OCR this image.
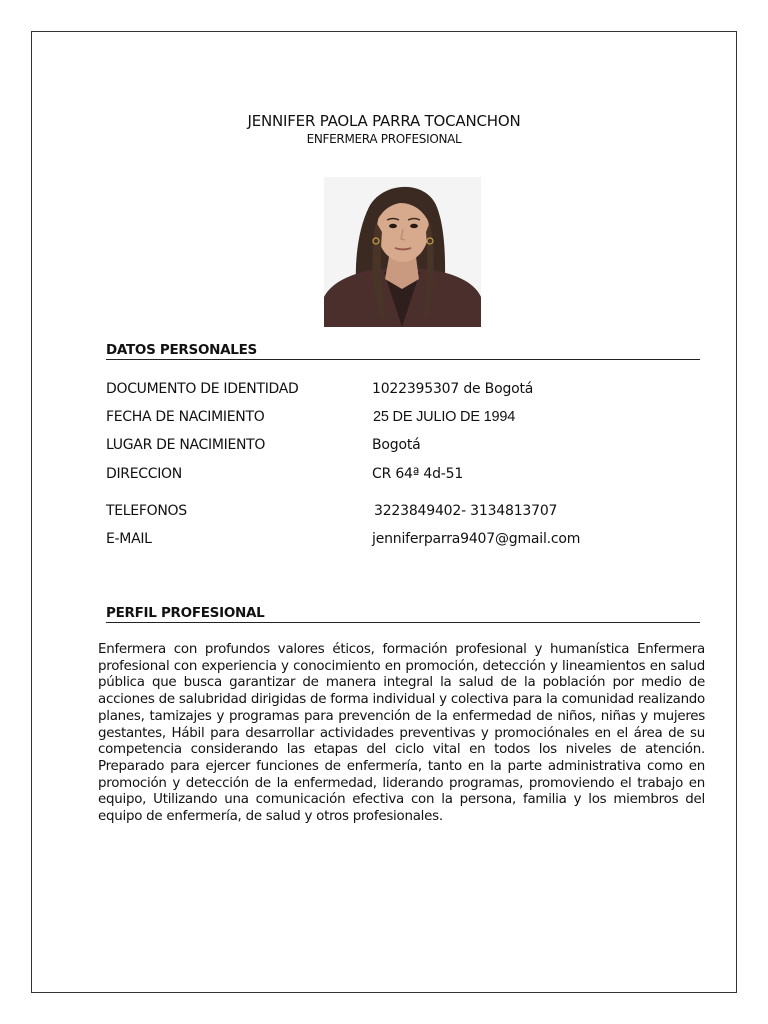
JENNIFER PAOLA PARRA TOCANCHON
ENFERMERA PROFESIONAL
DATOS PERSONALES
DOCUMENTO DE IDENTIDAD	1022395307 de Bogotá
FECHA DE NACIMIENTO	25 DE JULIO DE 1994
LUGAR DE NACIMIENTO	Bogotá
DIRECCION	CR 64ª 4d-51
TELEFONOS	3223849402- 3134813707
E-MAIL	jenniferparra9407@gmail.com
PERFIL PROFESIONAL
Enfermera con profundos valores éticos, formación profesional y humanística Enfermera profesional con experiencia y conocimiento en promoción, detección y lineamientos en salud pública que busca garantizar de manera integral la salud de la población por medio de acciones de salubridad dirigidas de forma individual y colectiva para la comunidad realizando planes, tamizajes y programas para prevención de la enfermedad de niños, niñas y mujeres gestantes, Hábil para desarrollar actividades preventivas y promociónales en el área de su competencia considerando las etapas del ciclo vital en todos los niveles de atención. Preparado para ejercer funciones de enfermería, tanto en la parte administrativa como en promoción y detección de la enfermedad, liderando programas, promoviendo el trabajo en equipo, Utilizando una comunicación efectiva con la persona, familia y los miembros del equipo de enfermería, de salud y otros profesionales.
